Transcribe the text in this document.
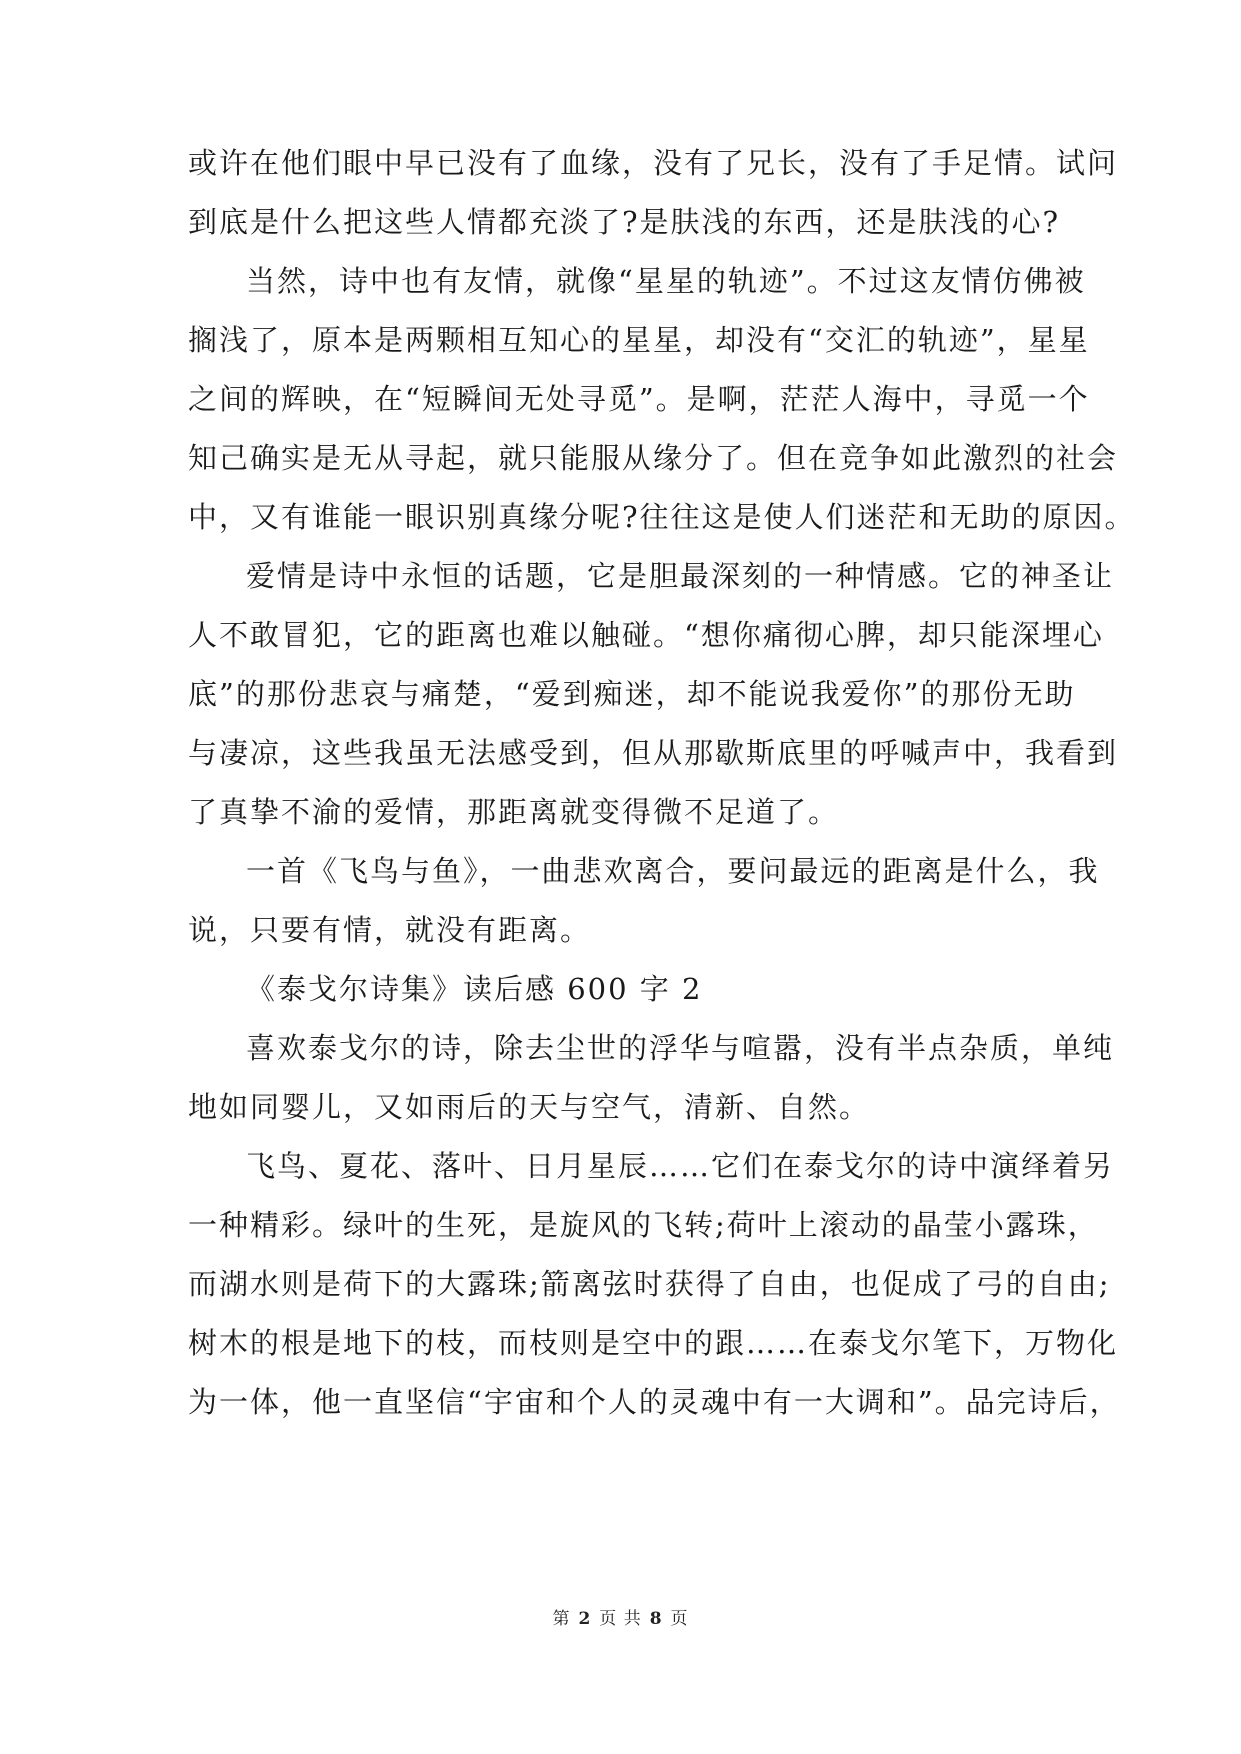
或许在他们眼中早已没有了血缘，没有了兄长，没有了手足情。试问
到底是什么把这些人情都充淡了?是肤浅的东西，还是肤浅的心?
当然，诗中也有友情，就像“星星的轨迹”。不过这友情仿佛被
搁浅了，原本是两颗相互知心的星星，却没有“交汇的轨迹”，星星
之间的辉映，在“短瞬间无处寻觅”。是啊，茫茫人海中，寻觅一个
知己确实是无从寻起，就只能服从缘分了。但在竞争如此激烈的社会
中，又有谁能一眼识别真缘分呢?往往这是使人们迷茫和无助的原因。
爱情是诗中永恒的话题，它是胆最深刻的一种情感。它的神圣让
人不敢冒犯，它的距离也难以触碰。“想你痛彻心脾，却只能深埋心
底”的那份悲哀与痛楚，“爱到痴迷，却不能说我爱你”的那份无助
与凄凉，这些我虽无法感受到，但从那歇斯底里的呼喊声中，我看到
了真挚不渝的爱情，那距离就变得微不足道了。
一首《飞鸟与鱼》，一曲悲欢离合，要问最远的距离是什么，我
说，只要有情，就没有距离。
《泰戈尔诗集》读后感 600 字 2
喜欢泰戈尔的诗，除去尘世的浮华与喧嚣，没有半点杂质，单纯
地如同婴儿，又如雨后的天与空气，清新、自然。
飞鸟、夏花、落叶、日月星辰……它们在泰戈尔的诗中演绎着另
一种精彩。绿叶的生死，是旋风的飞转;荷叶上滚动的晶莹小露珠，
而湖水则是荷下的大露珠;箭离弦时获得了自由，也促成了弓的自由;
树木的根是地下的枝，而枝则是空中的跟……在泰戈尔笔下，万物化
为一体，他一直坚信“宇宙和个人的灵魂中有一大调和”。品完诗后，
第 2 页 共 8 页
